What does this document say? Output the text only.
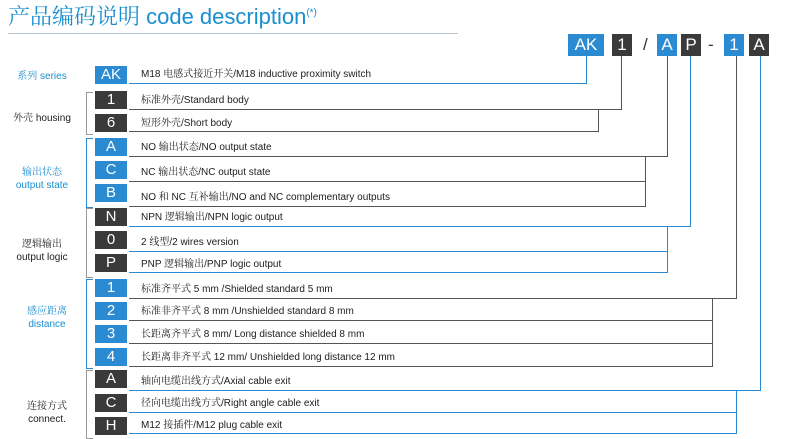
产品编码说明 code description(*)
AK	1 / A P - 1 A
系列 series
外壳 housing
输出状态
output state
逻辑输出
output logic
感应距离
distance
连接方式
connect.
AK
1
6
A
C
B
N
0
P
1
2
3
4
A
C
H
M18 电感式接近开关/M18 inductive proximity switch
标准外壳/Standard body
短形外壳/Short body
NO 输出状态/NO output state
NC 输出状态/NC output state
NO 和 NC 互补输出/NO and NC complementary outputs
NPN 逻辑输出/NPN logic output
2 线型/2 wires version
PNP 逻辑输出/PNP logic output
标准齐平式 5 mm /Shielded standard 5 mm
标准非齐平式 8 mm /Unshielded standard 8 mm
长距离齐平式 8 mm/ Long distance shielded 8 mm
长距离非齐平式 12 mm/ Unshielded long distance 12 mm
轴向电缆出线方式/Axial cable exit
径向电缆出线方式/Right angle cable exit
M12 接插件/M12 plug cable exit
